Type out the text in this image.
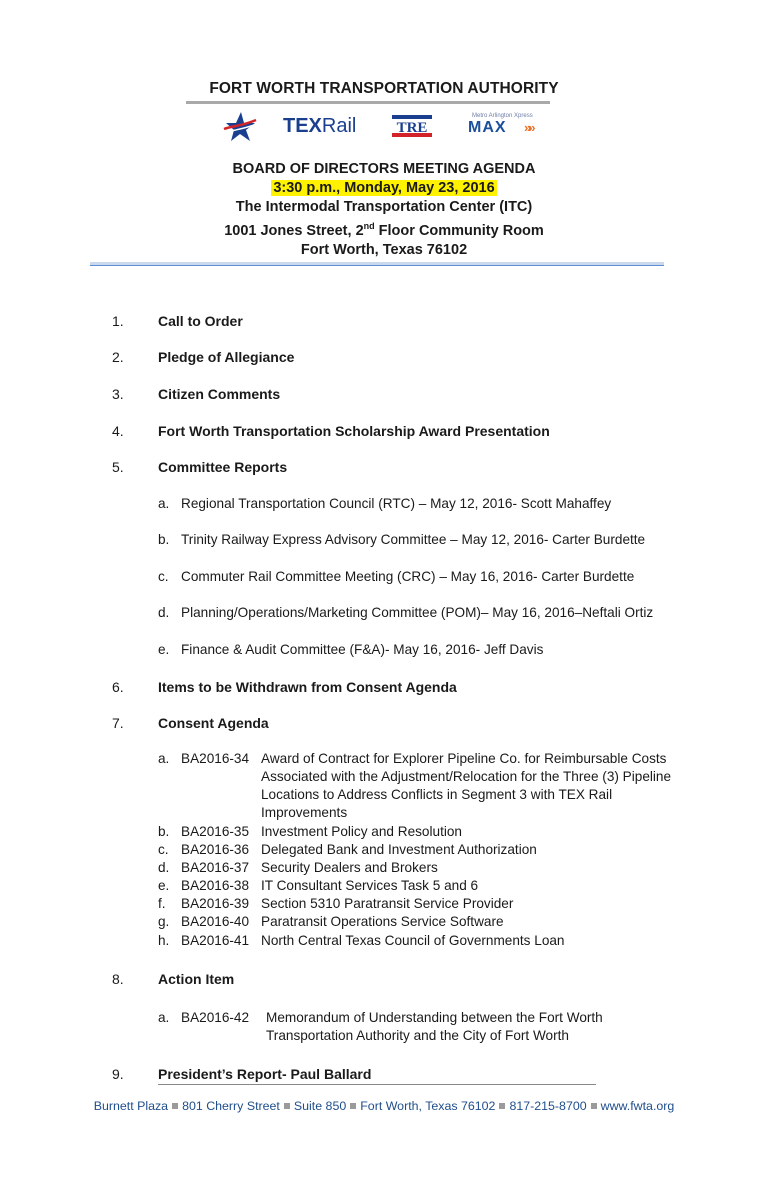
FORT WORTH TRANSPORTATION AUTHORITY
TEXRail	TRE
Metro Arlington Xpress
MAX »»
BOARD OF DIRECTORS MEETING AGENDA
3:30 p.m., Monday, May 23, 2016
The Intermodal Transportation Center (ITC)
1001 Jones Street, 2nd Floor Community Room
Fort Worth, Texas 76102
1.	Call to Order
2.	Pledge of Allegiance
3.	Citizen Comments
4.	Fort Worth Transportation Scholarship Award Presentation
5.	Committee Reports
a. Regional Transportation Council (RTC) – May 12, 2016- Scott Mahaffey
b. Trinity Railway Express Advisory Committee – May 12, 2016- Carter Burdette
c. Commuter Rail Committee Meeting (CRC) – May 16, 2016- Carter Burdette
d. Planning/Operations/Marketing Committee (POM)– May 16, 2016–Neftali Ortiz
e. Finance & Audit Committee (F&A)- May 16, 2016- Jeff Davis
6.	Items to be Withdrawn from Consent Agenda
7.	Consent Agenda
a. BA2016-34 Award of Contract for Explorer Pipeline Co. for Reimbursable Costs Associated with the Adjustment/Relocation for the Three (3) Pipeline Locations to Address Conflicts in Segment 3 with TEX Rail Improvements
b. BA2016-35 Investment Policy and Resolution
c. BA2016-36 Delegated Bank and Investment Authorization
d. BA2016-37 Security Dealers and Brokers
e. BA2016-38 IT Consultant Services Task 5 and 6
f.	BA2016-39 Section 5310 Paratransit Service Provider
g. BA2016-40 Paratransit Operations Service Software
h. BA2016-41 North Central Texas Council of Governments Loan
8.	Action Item
a. BA2016-42 Memorandum of Understanding between the Fort Worth Transportation Authority and the City of Fort Worth
9.	President’s Report- Paul Ballard
Burnett Plaza 801 Cherry Street Suite 850 Fort Worth, Texas 76102 817-215-8700 www.fwta.org
